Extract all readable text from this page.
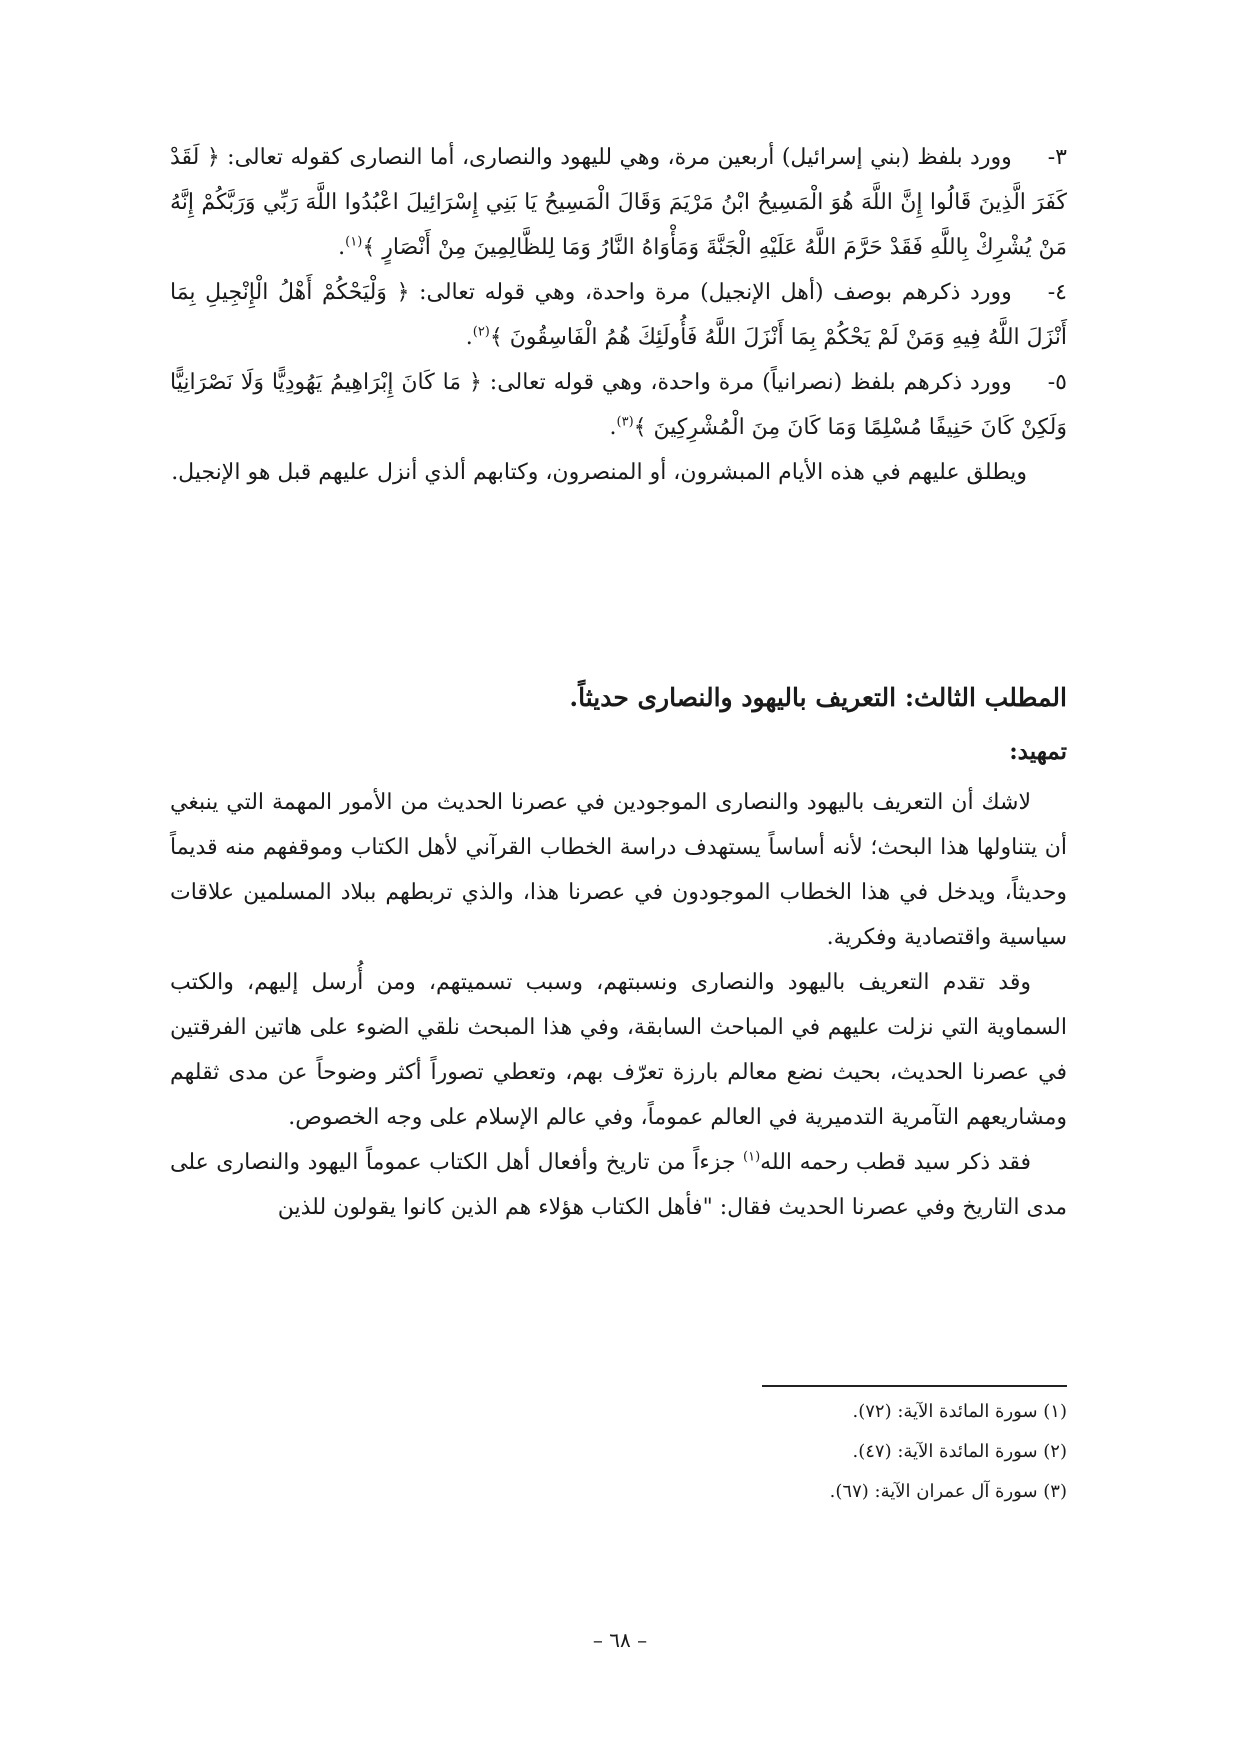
٣-وورد بلفظ (بني إسرائيل) أربعين مرة، وهي لليهود والنصارى، أما النصارى كقوله تعالى: ﴿ لَقَدْ كَفَرَ الَّذِينَ قَالُوا إِنَّ اللَّهَ هُوَ الْمَسِيحُ ابْنُ مَرْيَمَ وَقَالَ الْمَسِيحُ يَا بَنِي إِسْرَائِيلَ اعْبُدُوا اللَّهَ رَبِّي وَرَبَّكُمْ إِنَّهُ مَنْ يُشْرِكْ بِاللَّهِ فَقَدْ حَرَّمَ اللَّهُ عَلَيْهِ الْجَنَّةَ وَمَأْوَاهُ النَّارُ وَمَا لِلظَّالِمِينَ مِنْ أَنْصَارٍ ﴾$^{(١)}$.

٤-وورد ذكرهم بوصف (أهل الإنجيل) مرة واحدة، وهي قوله تعالى: ﴿ وَلْيَحْكُمْ أَهْلُ الْإِنْجِيلِ بِمَا أَنْزَلَ اللَّهُ فِيهِ وَمَنْ لَمْ يَحْكُمْ بِمَا أَنْزَلَ اللَّهُ فَأُولَئِكَ هُمُ الْفَاسِقُونَ ﴾$^{(٢)}$.

٥-وورد ذكرهم بلفظ (نصرانياً) مرة واحدة، وهي قوله تعالى: ﴿ مَا كَانَ إِبْرَاهِيمُ يَهُودِيًّا وَلَا نَصْرَانِيًّا وَلَكِنْ كَانَ حَنِيفًا مُسْلِمًا وَمَا كَانَ مِنَ الْمُشْرِكِينَ ﴾$^{(٣)}$.

ويطلق عليهم في هذه الأيام المبشرون، أو المنصرون، وكتابهم ألذي أنزل عليهم قبل هو الإنجيل.

المطلب الثالث: التعريف باليهود والنصارى حديثاً.
تمهيد:

لاشك أن التعريف باليهود والنصارى الموجودين في عصرنا الحديث من الأمور المهمة التي ينبغي أن يتناولها هذا البحث؛ لأنه أساساً يستهدف دراسة الخطاب القرآني لأهل الكتاب وموقفهم منه قديماً وحديثاً، ويدخل في هذا الخطاب الموجودون في عصرنا هذا، والذي تربطهم ببلاد المسلمين علاقات سياسية واقتصادية وفكرية.

وقد تقدم التعريف باليهود والنصارى ونسبتهم، وسبب تسميتهم، ومن أُرسل إليهم، والكتب السماوية التي نزلت عليهم في المباحث السابقة، وفي هذا المبحث نلقي الضوء على هاتين الفرقتين في عصرنا الحديث، بحيث نضع معالم بارزة تعرّف بهم، وتعطي تصوراً أكثر وضوحاً عن مدى ثقلهم ومشاريعهم التآمرية التدميرية في العالم عموماً، وفي عالم الإسلام على وجه الخصوص.

فقد ذكر سيد قطب رحمه الله$^{(١)}$ جزءاً من تاريخ وأفعال أهل الكتاب عموماً اليهود والنصارى على مدى التاريخ وفي عصرنا الحديث فقال: "فأهل الكتاب هؤلاء هم الذين كانوا يقولون للذين

(١) سورة المائدة الآية: (٧٢).

(٢) سورة المائدة الآية: (٤٧).

(٣) سورة آل عمران الآية: (٦٧).

– ٦٨ –
